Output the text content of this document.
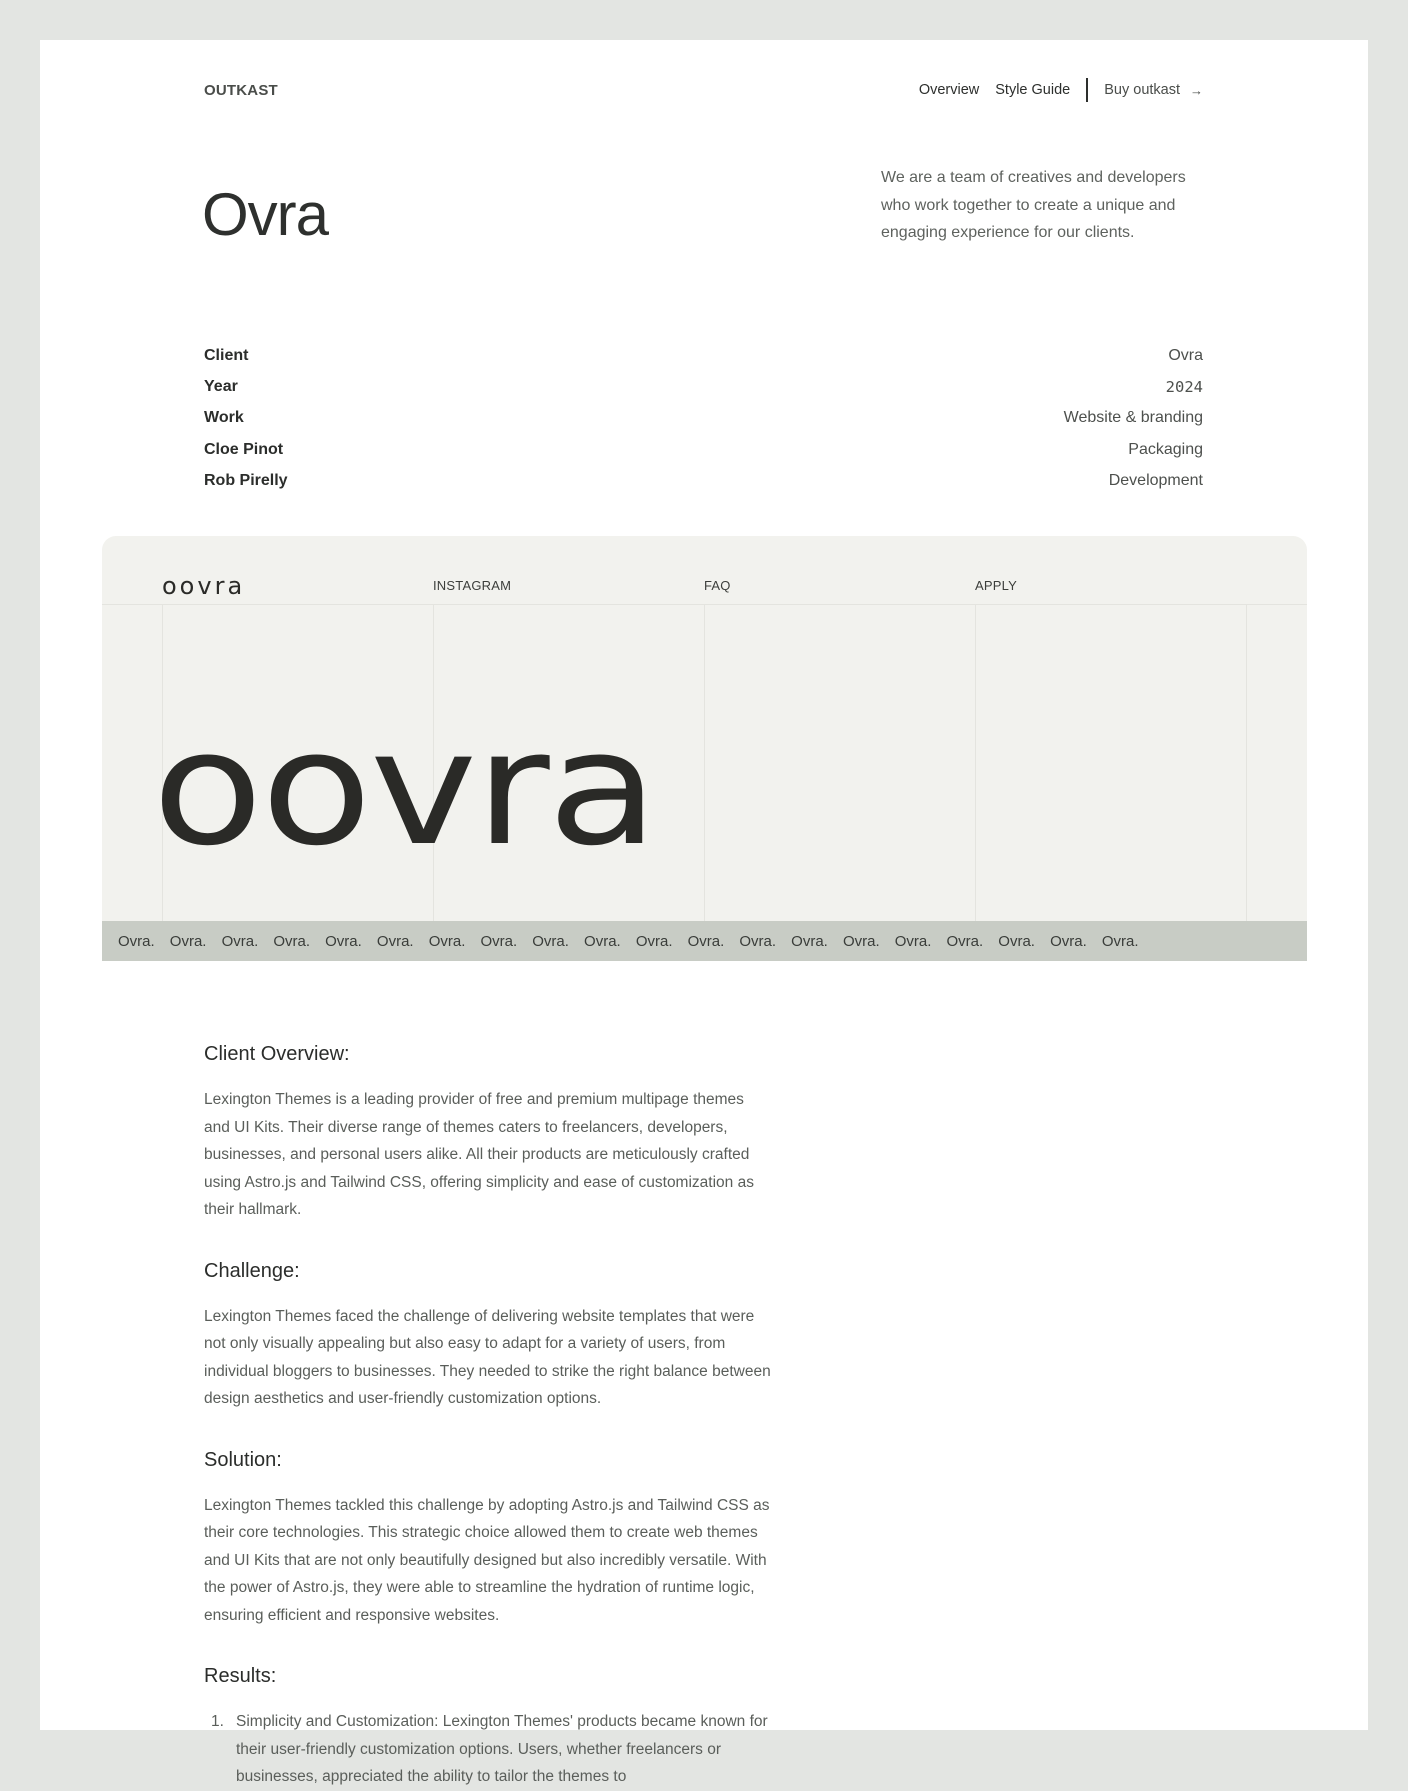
OUTKAST	Overview Style Guide Buy outkast →
Ovra

We are a team of creatives and developers who work together to create a unique and engaging experience for our clients.

Client	Ovra
Year	2024
Work	Website & branding
Cloe Pinot	Packaging
Rob Pirelly	Development
oovra	INSTAGRAM	FAQ	APPLY
oovra
Ovra. Ovra. Ovra. Ovra. Ovra. Ovra. Ovra. Ovra. Ovra. Ovra. Ovra. Ovra. Ovra. Ovra. Ovra. Ovra. Ovra. Ovra. Ovra. Ovra.
Client Overview:

Lexington Themes is a leading provider of free and premium multipage themes and UI Kits. Their diverse range of themes caters to freelancers, developers, businesses, and personal users alike. All their products are meticulously crafted using Astro.js and Tailwind CSS, offering simplicity and ease of customization as their hallmark.

Challenge:

Lexington Themes faced the challenge of delivering website templates that were not only visually appealing but also easy to adapt for a variety of users, from individual bloggers to businesses. They needed to strike the right balance between design aesthetics and user-friendly customization options.

Solution:

Lexington Themes tackled this challenge by adopting Astro.js and Tailwind CSS as their core technologies. This strategic choice allowed them to create web themes and UI Kits that are not only beautifully designed but also incredibly versatile. With the power of Astro.js, they were able to streamline the hydration of runtime logic, ensuring efficient and responsive websites.

Results:
1. Simplicity and Customization: Lexington Themes' products became known for their user-friendly customization options. Users, whether freelancers or businesses, appreciated the ability to tailor the themes to
